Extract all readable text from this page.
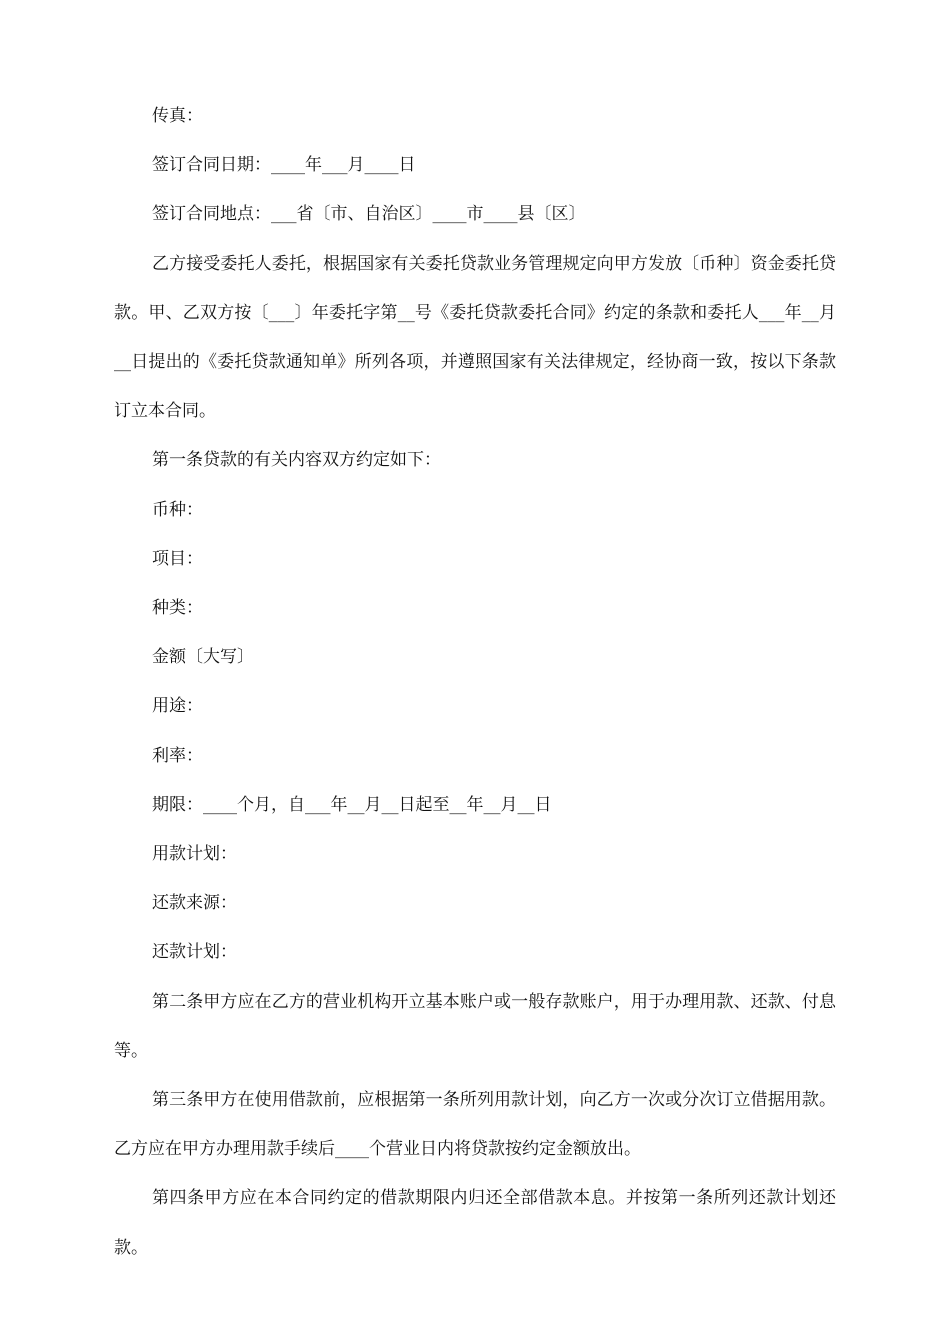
传真：

签订合同日期：____年___月____日

签订合同地点：___省〔市、自治区〕____市____县〔区〕

乙方接受委托人委托，根据国家有关委托贷款业务管理规定向甲方发放〔币种〕资金委托贷款。甲、乙双方按〔___〕年委托字第__号《委托贷款委托合同》约定的条款和委托人___年__月__日提出的《委托贷款通知单》所列各项，并遵照国家有关法律规定，经协商一致，按以下条款订立本合同。

第一条贷款的有关内容双方约定如下：

币种：

项目：

种类：

金额〔大写〕

用途：

利率：

期限：____个月，自___年__月__日起至__年__月__日

用款计划：

还款来源：

还款计划：

第二条甲方应在乙方的营业机构开立基本账户或一般存款账户，用于办理用款、还款、付息等。

第三条甲方在使用借款前，应根据第一条所列用款计划，向乙方一次或分次订立借据用款。乙方应在甲方办理用款手续后____个营业日内将贷款按约定金额放出。

第四条甲方应在本合同约定的借款期限内归还全部借款本息。并按第一条所列还款计划还款。
